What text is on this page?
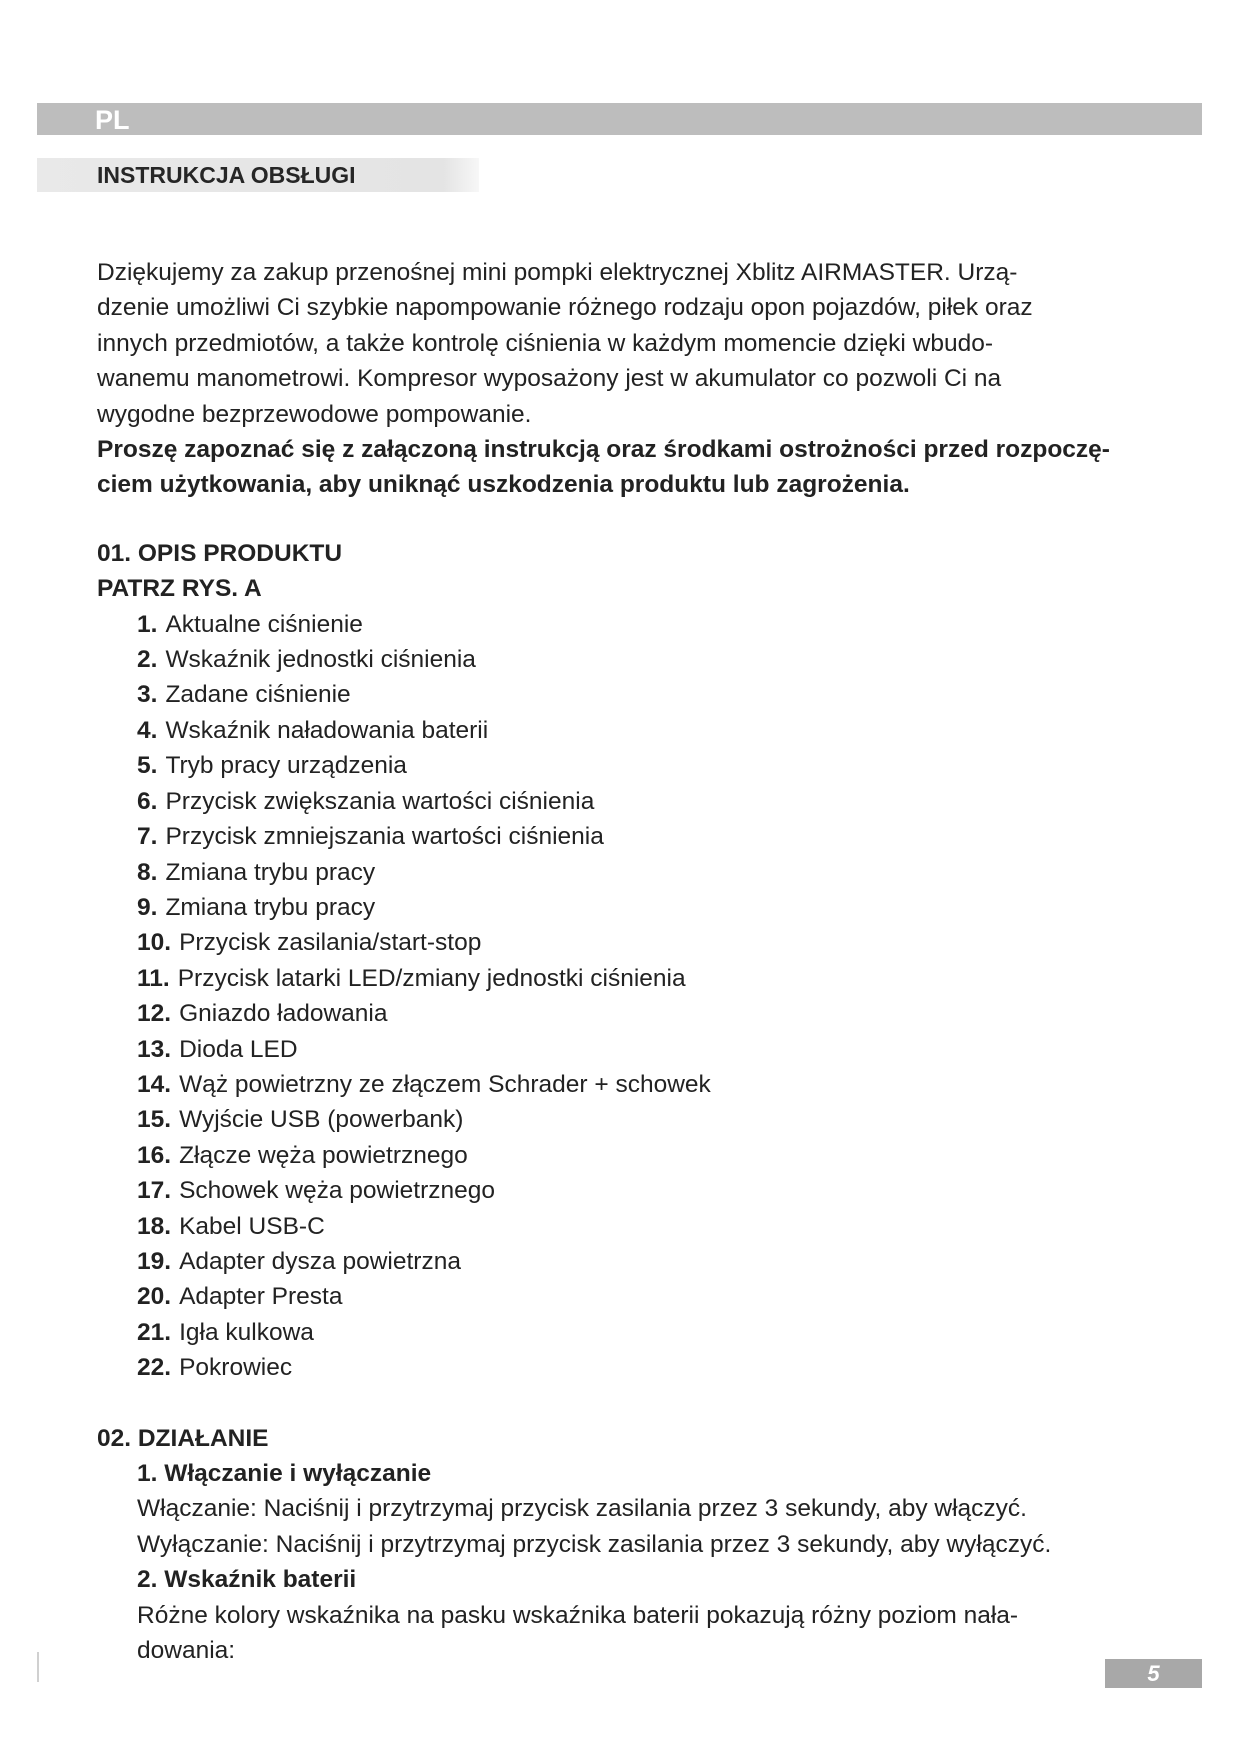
PL
INSTRUKCJA OBSŁUGI

Dziękujemy za zakup przenośnej mini pompki elektrycznej Xblitz AIRMASTER. Urzą-

dzenie umożliwi Ci szybkie napompowanie różnego rodzaju opon pojazdów, piłek oraz

innych przedmiotów, a także kontrolę ciśnienia w każdym momencie dzięki wbudo-

wanemu manometrowi. Kompresor wyposażony jest w akumulator co pozwoli Ci na

wygodne bezprzewodowe pompowanie.

Proszę zapoznać się z załączoną instrukcją oraz środkami ostrożności przed rozpoczę-

ciem użytkowania, aby uniknąć uszkodzenia produktu lub zagrożenia.

01. OPIS PRODUKTU

PATRZ RYS. A

1. Aktualne ciśnienie
2. Wskaźnik jednostki ciśnienia
3. Zadane ciśnienie
4. Wskaźnik naładowania baterii
5. Tryb pracy urządzenia
6. Przycisk zwiększania wartości ciśnienia
7. Przycisk zmniejszania wartości ciśnienia
8. Zmiana trybu pracy
9. Zmiana trybu pracy
10. Przycisk zasilania/start-stop
11. Przycisk latarki LED/zmiany jednostki ciśnienia
12. Gniazdo ładowania
13. Dioda LED
14. Wąż powietrzny ze złączem Schrader + schowek
15. Wyjście USB (powerbank)
16. Złącze węża powietrznego
17. Schowek węża powietrznego
18. Kabel USB-C
19. Adapter dysza powietrzna
20. Adapter Presta
21. Igła kulkowa
22. Pokrowiec

02. DZIAŁANIE

1. Włączanie i wyłączanie

Włączanie: Naciśnij i przytrzymaj przycisk zasilania przez 3 sekundy, aby włączyć.

Wyłączanie: Naciśnij i przytrzymaj przycisk zasilania przez 3 sekundy, aby wyłączyć.

2. Wskaźnik baterii

Różne kolory wskaźnika na pasku wskaźnika baterii pokazują różny poziom nała-

dowania:

5
